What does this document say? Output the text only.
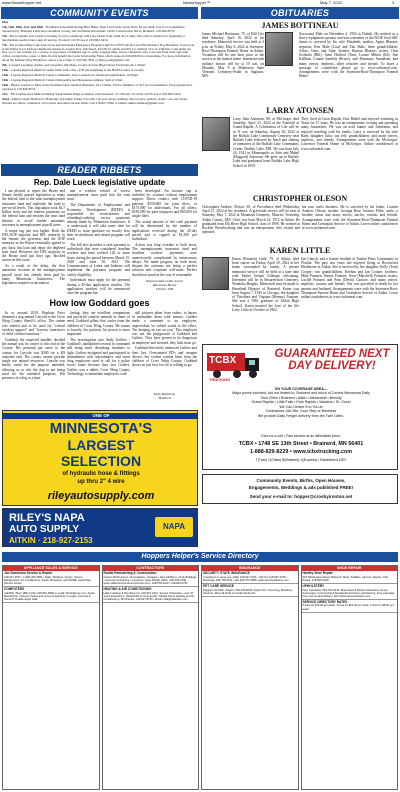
www.NewsHopper.net	NewsHopper™	May 7, 2022	3
COMMUNITY EVENTS	OBITUARIES

May

7th, 11th, 18th, 21st, and 28th - Northland Arboretum Spring Bird Hikes, 8am. Learn more about birds. $5 per adult, free for non-members. Sponsored by Brainerd Lakes Area Audubon Society and Northland Arboretum. 14250 Conservation Drive, Brainerd. 218-829-8770.

7th - The Crosslake Arts Center is hosting two fun workshops with Lisa Jordan from 10am and 2-5pm. This class is suitable for beginning or intermediate needle felters ages 10 and up. To enroll call TCAA at 218-692-5419.

7th - The Garrison Bay Lake Area Lions and Serenaded Emergency Hospital Light Foot 8537 Alt-Nor-Gen-Ful Mother's Day Breakfast. 8 am-noon at the Walter Scott Endover Memorial American Legion Post. Purchased, $15.00 for adults and $10 for children 10 to 6. Children 5 and under are free. Go to our website for a variety of egg bakes, scrambled eggs to order, sausage links, bacon, cinnamon rolls, toast and fresh fruit cups with coffee, orange juice, water or milk. Profits benefit the Lions Scholarship Fund, which supports $10,000.00 in scholarships. For more information about the Mother's Day Breakfast contact Lori Cafmo at 218-330-7841 or ldmo.posit@gmail.com.

9th - Leonard Learning: Author and storyteller Jim Mans, Crosby-Ironton High School Forum Room. 1:30pm.

11th - Cuyuna Regional Medical Center Walk with a Doc, 4:30 pm beginning at the Health Center of Crosby.

12th - Cuyuna Regional Medical Center Community Area Connections. Desmond Auditorium, 12:00pm.

13th - Cuyuna Regional Medical Center Orthopedics and Menopause seminar, 5pm at Clinic.

14th - Hinton Garden to Table at the Northland Arboretum in Brainerd, 10-11:30am. $10 for members or $15 for non-members. Pre-registration is required at 218-829-8770.

21st - The Cuyuna Area Mutton Dutting Steak Sunset Rings workshop with Jan Reed. 12-3:30 pm. To enroll call TCAA at 218-692-5419.

22nd - Aitkin County Habitat for Humanity is holding Trades Tour ride. Get your motor running: motorcycles, quilters, classic cars and trucks. Needed are riders, volunteers, door prizes and silent auction items. Call 218-927-5992 or email: aitkincohabitat@gmail.com.

READER RIBBETS
Rep. Dale Lueck legislative update

I am pleased to report the House and Senate finally passed legislation to repay the federal loan to the state unemployment insurance fund and replenish the fund to pre-covid levels. This legislation took $2.7 billion from and the interest payments on the federal loan and restores the trust fund balance to avoid further automatic increases in unemployment payroll taxes.

A major tug just was higher. Both the DFL/GOP majority and DFL minority in the Senate, the governor, and the GOP minority in the House eventually agreed to pay back this loan and repay the depleted trust fund. However, the DFL majority in the House until just days ago, blocked action on this issue.

As a result of the delay, the first automatic increase in the unemployment payroll taxes has already been paid by many Minnesota businesses. The legislation requires recalculation

and a creditor refund of excess unemployment taxes paid into the trust fund.

The Department of Employment and Economic Development (DEED) is responsible for recalculation and refunding/crediting excess payments already made by Minnesota businesses. It is understood it will take some time for DEED to issue guidance on exactly how their recalculation and refund program will work.

The bill also provides a cash payment to individuals that were considered frontline workers and have worked 120 or more hours during the period between March 15, 2020 and June 30, 2021. The Commissioner of Labor and Industry will implement the payment program and certify eligibility.

Individuals must apply for the payment during a 45-day application window. The application window will be announced once the program has

been developed. An income cap is included for workers without employment support. Direct contact with COVID-19 patients, $350,000 for joint filers, or $175,000 for individuals. For all others, $185,000 for joint taxpayers and $85,000 for single filers.

The actual amount of the cash payment will be determined by the number of applications received during the 45-day period and is capped at $1,500 per individual.

Action was long overdue to both areas. The unemployment insurance fund and frontline workers' payments were unnecessarily complicated by unnecessary delays. We made progress on both areas, despite the outcome not being a perfect solution and corporate will-some. Perfect should not stand in the way of reasonable.

Representative Dale Lueck
Minnesota House
District 10B
How low Goddard goes

In or around 2019, Hopkins Paws dreamed a dog named Lincoln to the Crow Wing County Sheriff's office. The canine was trained and to be used for "critical incident support" and "forensic interviews of child victims/witnesses."

Goddard, the expected handler, decided the animal was 'no owner' to this end of the County. His personal pet came to the county for Lincoln was $300 for a K9 response unit. The county cannot provide single use animal resources. Lincoln was barely cared for the purpose intended, allowing us to rely the dog to not being used for the intended purposes. His presence at a dog or a time

farting, they are excellent companions and powerful comfort animals in times of need. Goddard pillars that cooler from the children of Crow Wing County. He comes to bravely, his position, his person is more important.

The investigation into Andy Goffers - Goddard's handpicked second in command still bring more disturbing incidents to light. Gaffers instigated and participated in intimidation with subordinates and outer drug employees used to call for a police escort home because they fear Gaffers. Gaffers was a rabbit. Crow Wing County Technology to intimidate employees with

still pictures taken from videos, to harass or intimidate them with memes. Gaffers made a comment to an employee, unprovoked, he valued words to the effect, 'I'm keeping an eye on you.' This employee was not the playground of Goddard and Gaffers. They have proven to be dangerous as employee and steward, they both must go.

Goddard effectively embraced Gaffers and their lies. Overtrained PD's and weapon drivers, but violent content limit from the children of Crow Wing County. Goddard shows us just how low he is willing to go.

Kelly Backlund,
Brainerd
JAMES BOTTINEAU

James Michael Bottineau, 70, of Hill City died Saturday, April 16, 2022 at his residence. Memorial service was held at 2 p.m. on Friday, May 6, 2022 at Sorensen-Root-Thompson Funeral Home in Aitkin. Visitation will be one hour prior to the service at the funeral home. Interment with military honors will be at 10 a.m. on Monday, May 9 at Minnesota State Veterans Cemetery-South in Saginaw, MN.

(Iacocaan) Male on December 2, 1954 in Duluth. He worked as a heavy equipment operator and was a member of the IUOE local 449. James is survived by his wife Elizabeth; mother, Agnes Blazaer; stepsons, Ken Male (Lisa) and Tim Male; three grandchildren; Alicia, Gem, and Anja; brother, Roman Blazaer; sisters, Orsa Svoboda (Bill), Janet Hafford (Tim), Louise Milton (Ed), Sue Kallhim, Connie Sandvik (Bruce), and Rosemary Anundsen; and many nieces, nephews, other relatives and friends. To leave a message of condolence please go to www.srtfuneral.com. Arrangements were with the Sorensen-Root-Thompson Funeral Home.

LARRY ATONSEN

Larry John Antonsen, 80, of McGregor died Saturday, April 23, 2022 at the Emerald at Grand Rapids. A Celebration of Life will be at 11 a.m. on Saturday, August 20, 2022 at the Buffalo Lake Community Cemetery near Buffalo Lake followed by lunch and sharing of memories at the Buffalo Lake Community Center. Buffalo Lake, MN. He was born July 24, 1941 in Minneapolis to John and Mabel (Hoggard) Antonsen. He grew up in Buffalo Lake and graduated from Buffalo Lake High School in 1959.

They lived in Coon Rapids, East Bethel and enjoyed wintering in Texas for 15 years. He was an entrepreneur, owning and operating many businesses. He was an avid hunter and fisherman, and enjoyed traveling with his family. Larry is survived by his wife Barb; daughter Julia; son Jeff; grandchildren; and many nieces, nephews, and friends. Arrangements were with the McGregor-Lawrence Funeral Home of McGregor. Online condolences at www.srtfuneral.com.

CHRISTOPHER OLESON

Christopher Andrew Oleson, 30, of Providence died Wednesday, April 27, 2022 at his residence. A graveside service will be next at Saturday, May 7, 2022 at Mountain Cemetery, Maurice Township, Aitkin County, MN. Chris was born March 12, 1972 in Aitkin. He graduated from Elk River High School, class of 1990. He worked at Rockler Woodworking and was an entrepreneur who owned and operated

his own crafts business. He is survived by his father, Loutten Andrew Oleson; mother, Georgia Rose Jurassic Pribe; uncle, a brother; aunts and many nieces, uncles, cousins and friends. Arrangements were with the Sorensen-Root-Thompson Funeral Home and Cremation Service of Aitkin. Leave online condolences at www.srtfuneral.com.

KAREN LITTLE

Karen (Franzen) Little, 79, of Aitkin, died from cancer on Friday, April 29, 2022 at her home surrounded by family. A private memorial service will be held at a later date with Father Joseph Gillespie officiating. Interment will be in Resurrection Cemetery, Wendolia Heights. Memorials may be made to Heartland Hospice of Brainerd. Karen was born August 7, 1943 in Chicago, the daughter of Theodore and Virginia (Heeney) Franzen. She was a 1961 graduate of Aitkin High School. Karen married the love of her life Larry Little in October of 1962.

Jim Church, and a former resident of Timber Pines Community in Florida. The past two years she enjoyed living at Riverwood Healthcare in Aitkin. She is survived by her daughter, Kelly (Tom) Cooper; two grandchildren; Keeban and Ian Cooper; brothers: Mike Franzen, Wayne Franzen, Scott (Marchell) Franzen; sisters; Lucille Franzen and Pam (Devin) Cantore, and many nieces, nephews, cousins and friends. She was preceded in death by her parents and husband. Arrangements were with the Sorensen-Root-Thompson Funeral Home and Cremation Service of Aitkin. Leave online condolences at www.srtfuneral.com.

TCBX
TRUCKING
GUARANTEED NEXT DAY DELIVERY!
ON YOUR COVERAGE AREA—
Major points included, but not limited to: Brainerd and much of Central Minnesota Daily
Twin Cities • Brainerd • Aitkin • Alexandria • Bemidji
Grand Rapids • Little Falls • Park Rapids • Wadena • St. Cloud
We Can Deliver It to You at
Contractors Job Site, Door Step or Business
We provide Daily Freight delivery from the Twin Cities.
Give us a call • Fast service at an affordable price.
TCBX • 1748 SE 13th Street • Brainerd, MN 56401
1-888-829-8229 • www.tcbxtrucking.com
T(Twin) C(Cities) B(Brainerd) X(Express) • Established 1907
ONE OF
MINNESOTA'S
LARGEST
SELECTION
of hydraulic hose & fittings
up thru 2" 4 wire
rileyautosupply.com
RILEY'S NAPA
AUTO SUPPLY
AITKIN · 218-927-2153
NAPA
Community Events, Births, Open Houses,
Engagements, Weddings & ads published FREE!
Send your e-mail to: hopper@crosbyironton.net
Hoppers Helper's Service Directory
APPLIANCE SALES & SERVICE
Jim Simonson Service & Repair
218-927-2527 • 1-800-466-9656 • Aitkin. Washers, Dryers, Stoves, Refrigerators, Air Conditioners, Septic Protection, and MORE. Authorized Service Center.
COMPUTERS
Call Billy "Mac" (Billy Hultz) 218-851-9996 or email: bhultz@mac.com. Apple MacService. New purchases and set-up & teaching. In-region, Remote & Home/IT Fixable Apple calls.
CONTRACTORS
Rudde Remodeling & Construction
Custom Built Homes • Remodeling • Garages • New Additions • Pole Buildings • General Contracting • Insurance. Sean Rudde, Aitkin, 218-205-1600. www.ruddeconstructioncontruction.com. 218-678-3410 • 218-820-0751.
HEATING & AIR CONDITIONING
Hale's Heating & Plumbing Inc. 218-927-2341. Service Technician • over 30 Years Experience. Residential & Commercial • Mobile Home Heating and Air Conditioning • Mr.Plumber. 218-927-8735 • Email: hale@halesplm.com.
INSURANCE
SECURITY STATE INSURANCE
4 locations to serve you. Aitkin 218-927-3761 • Hill City 218-697-2700 • McGregor 218-768-2121 • Isle 320-676-3888. www.securitystateins.com.
PET CARE SERVICE
Doggie's Of Aitkin. Dogie's 218-429-6003. Sarah Ulm: Grooming, Boarding Services. Most all kinds on Cedar Route Rd.
SHOE REPAIR
Hartley Shoe Repair
323 Washington Street, Brainerd. Shop: Saddles, Canvas, Zippers, Grill Repair. 218-829-2393.
UPHOLSTERY
Drux Upholstery 218-763-3342. Boat Seats & Marine Upholstery, Home. Automotive, Commercial & Residential Furniture upholstering. Free estimates. Free pick up and delivery. http://www.druxupholstery.com.
SERVICE DIRECTORY RATES
5 lines for $10.00 per week. 4 lines for $12.00 per week. 3 lines for $8.00 per week.
